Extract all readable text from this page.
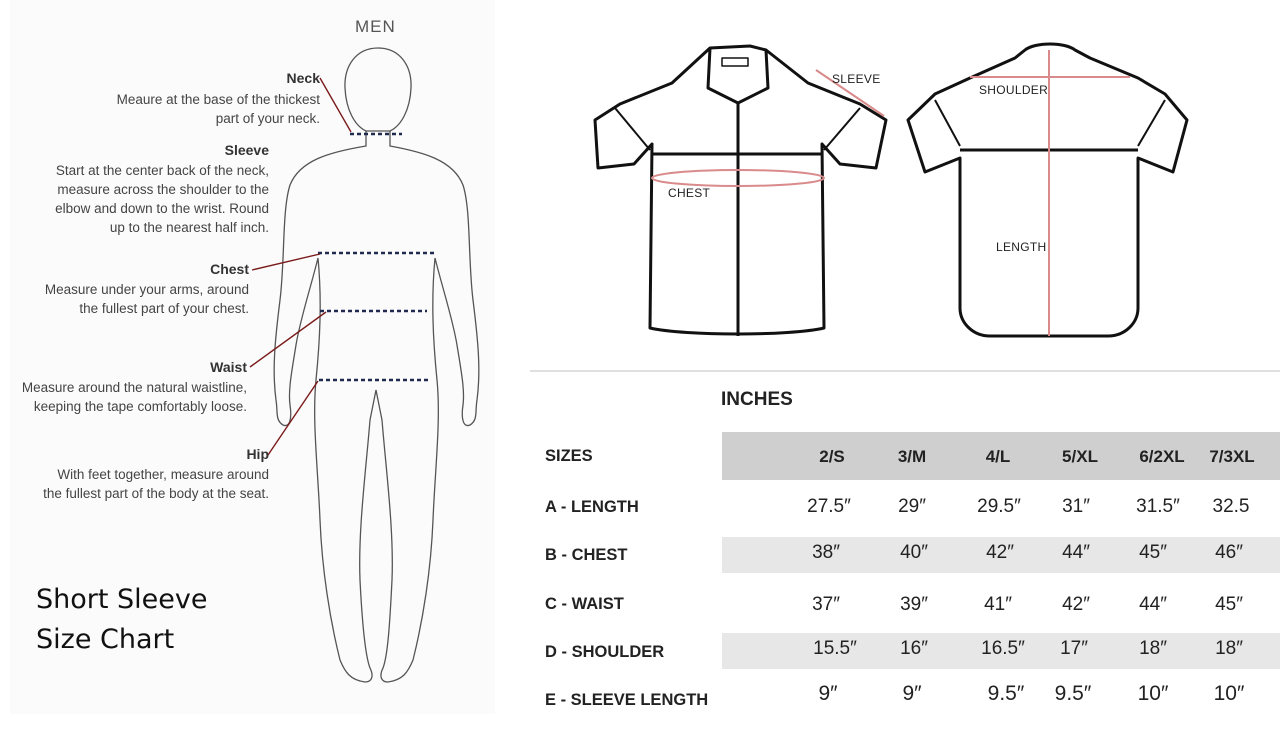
MEN
Neck
Meaure at the base of the thickest
part of your neck.
Sleeve
Start at the center back of the neck,
measure across the shoulder to the
elbow and down to the wrist. Round
up to the nearest half inch.
Chest
Measure under your arms, around
the fullest part of your chest.
Waist
Measure around the natural waistline,
keeping the tape comfortably loose.
Hip
With feet together, measure around
the fullest part of the body at the seat.
Short Sleeve
Size Chart
SLEEVE
CHEST
SHOULDER
LENGTH
INCHES
SIZES	2/S	3/M	4/L	5/XL	6/2XL	7/3XL
A - LENGTH	27.5″	29″	29.5″	31″	31.5″	32.5
B - CHEST	38″	40″	42″	44″	45″	46″
C - WAIST	37″	39″	41″	42″	44″	45″
D - SHOULDER	15.5″	16″	16.5″	17″	18″	18″
E - SLEEVE LENGTH	9″	9″	9.5″	9.5″	10″	10″
